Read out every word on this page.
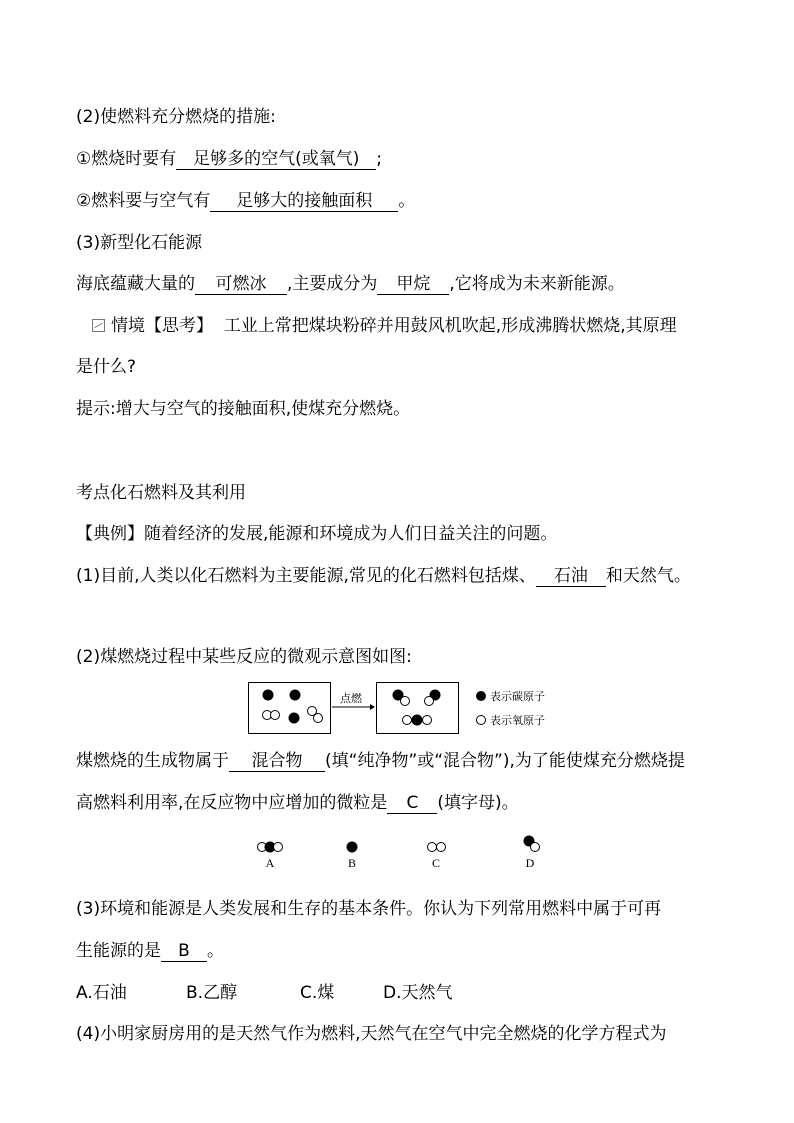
(2)使燃料充分燃烧的措施:
①燃烧时要有 足够多的空气(或氧气) ;
②燃料要与空气有 足够大的接触面积 。
(3)新型化石能源
海底蕴藏大量的 可燃冰 ,主要成分为 甲烷 ,它将成为未来新能源。
情境【思考】 工业上常把煤块粉碎并用鼓风机吹起,形成沸腾状燃烧,其原理
是什么?
提示:增大与空气的接触面积,使煤充分燃烧。
考点化石燃料及其利用
【典例】随着经济的发展,能源和环境成为人们日益关注的问题。
(1)目前,人类以化石燃料为主要能源,常见的化石燃料包括煤、 石油 和天然气。
(2)煤燃烧过程中某些反应的微观示意图如图:
点燃	表示碳原子
表示氧原子
煤燃烧的生成物属于 混合物 (填“纯净物”或“混合物”),为了能使煤充分燃烧提
高燃料利用率,在反应物中应增加的微粒是 C (填字母)。
A	B	C	D
(3)环境和能源是人类发展和生存的基本条件。你认为下列常用燃料中属于可再
生能源的是 B 。
A.石油	B.乙醇	C.煤	D.天然气
(4)小明家厨房用的是天然气作为燃料,天然气在空气中完全燃烧的化学方程式为
